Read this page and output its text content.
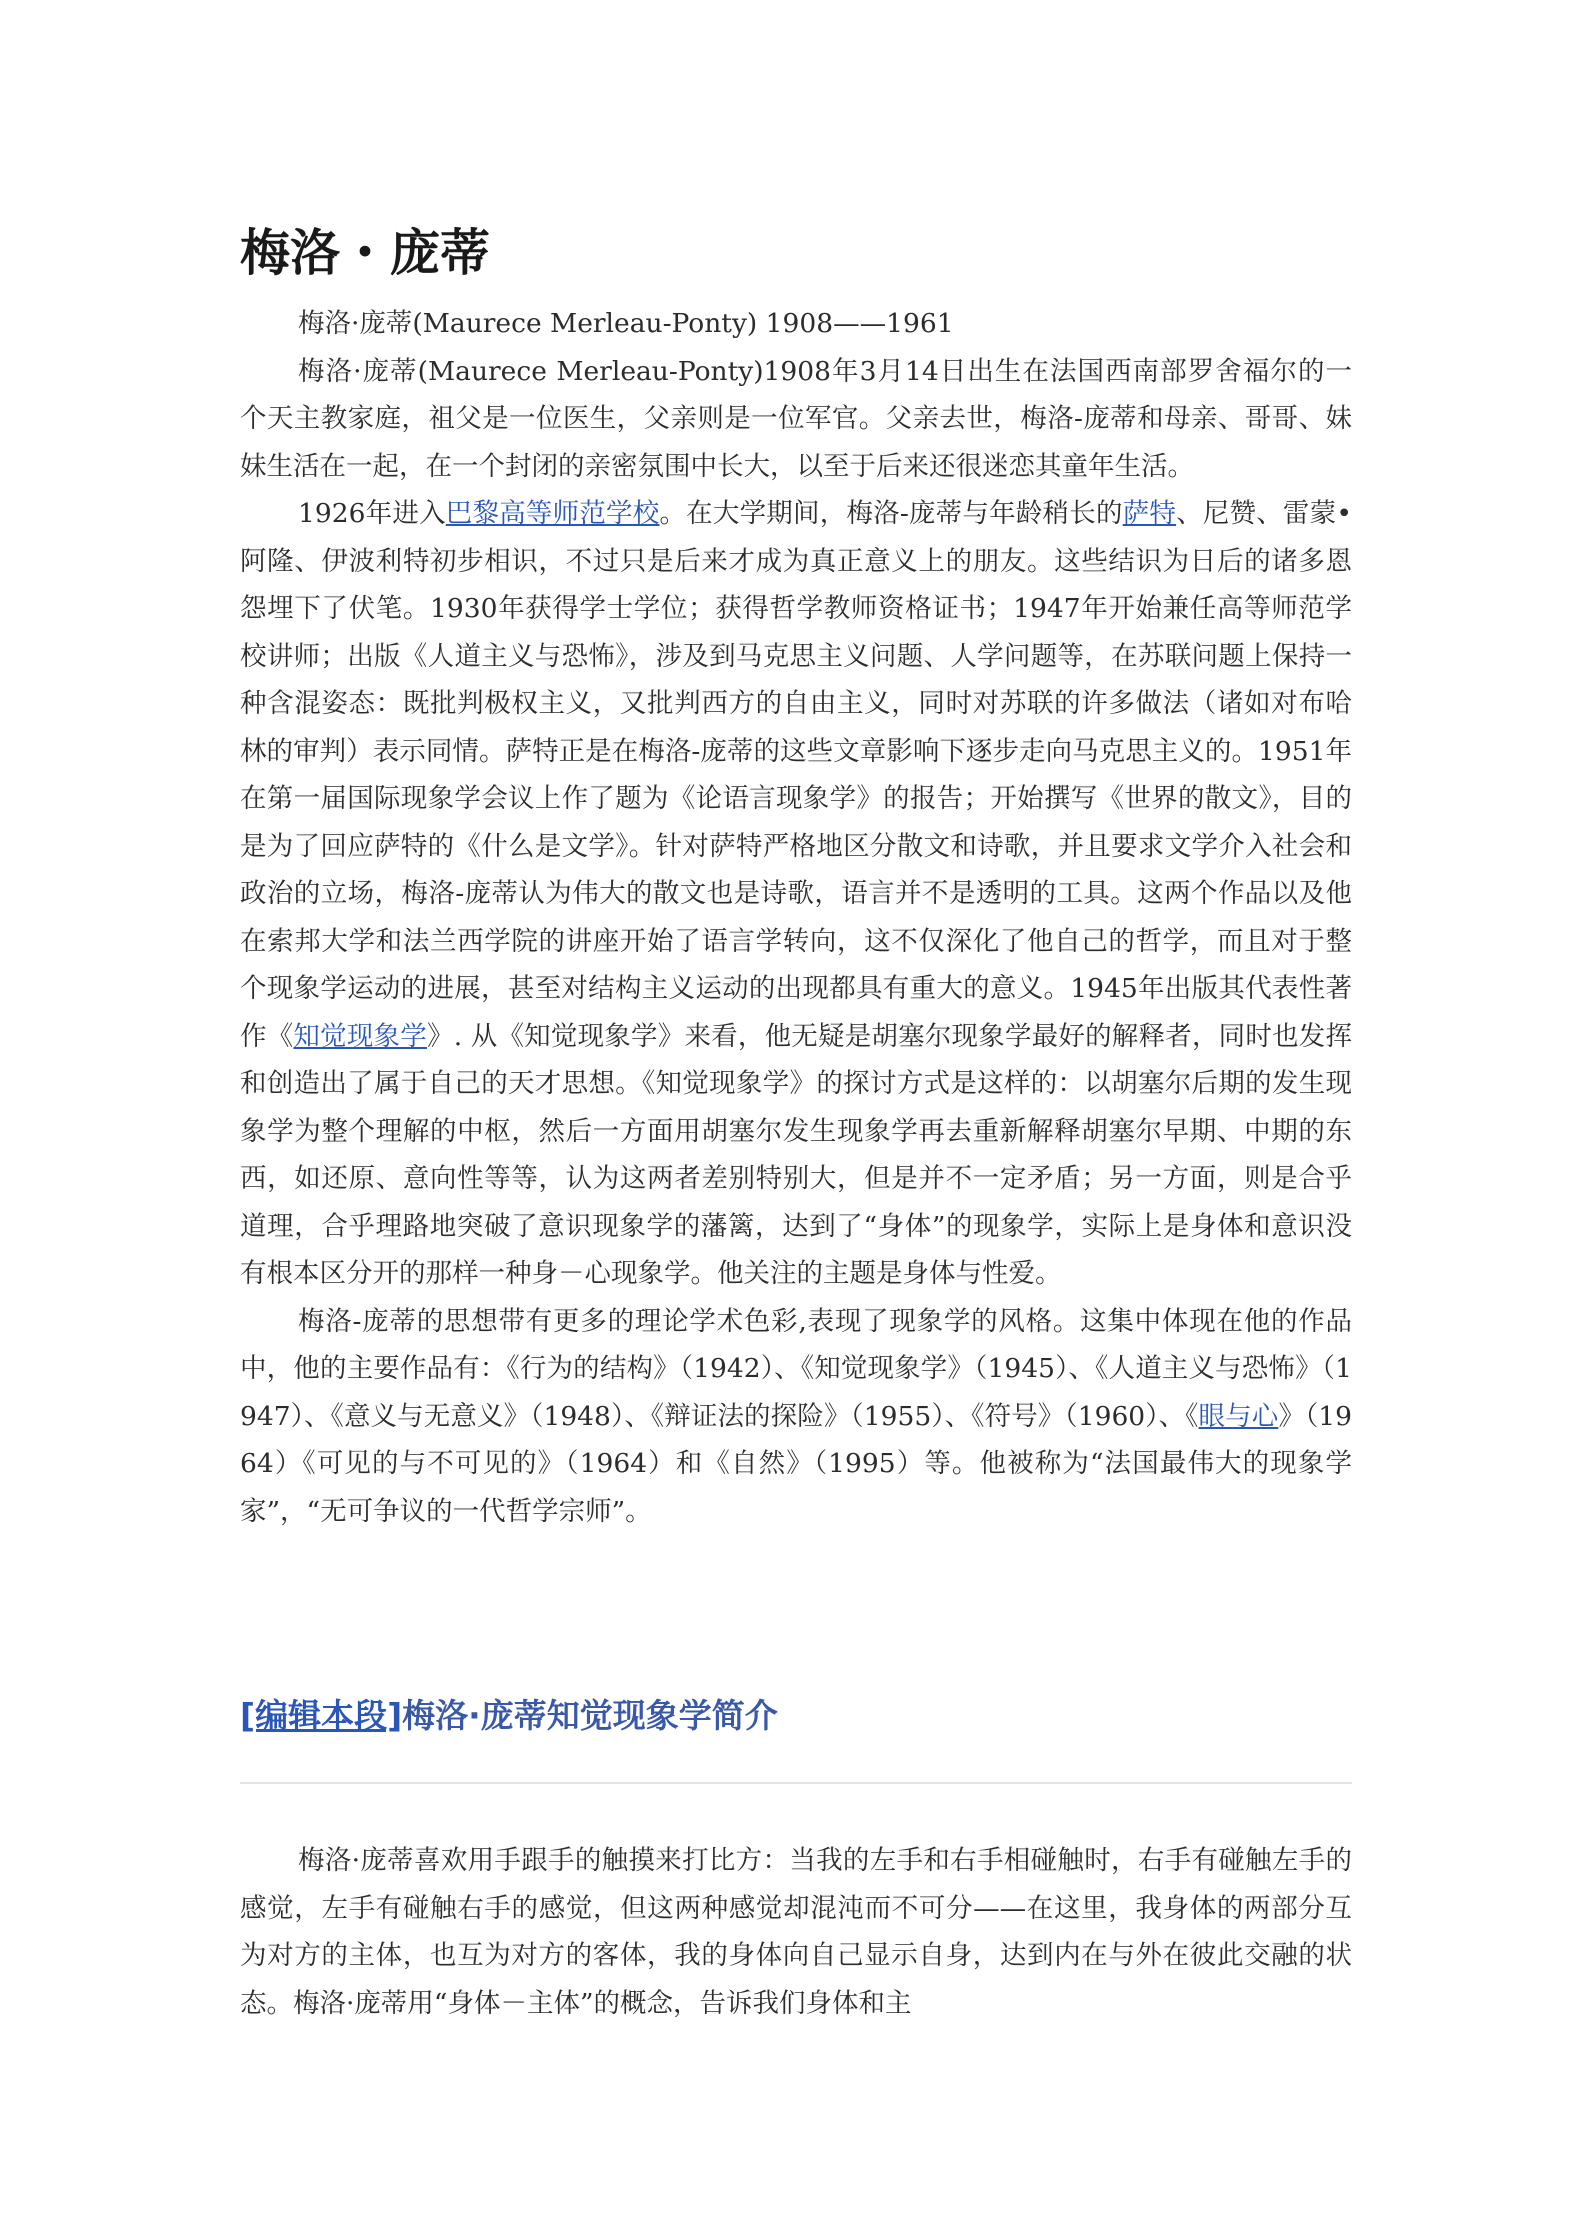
梅洛・庞蒂

梅洛·庞蒂(Maurece Merleau-Ponty) 1908——1961

梅洛·庞蒂(Maurece Merleau-Ponty)1908年3月14日出生在法国西南部罗舍福尔的一个天主教家庭，祖父是一位医生，父亲则是一位军官。父亲去世，梅洛-庞蒂和母亲、哥哥、妹妹生活在一起，在一个封闭的亲密氛围中长大，以至于后来还很迷恋其童年生活。

1926年进入巴黎高等师范学校。在大学期间，梅洛-庞蒂与年龄稍长的萨特、尼赞、雷蒙•阿隆、伊波利特初步相识，不过只是后来才成为真正意义上的朋友。这些结识为日后的诸多恩怨埋下了伏笔。1930年获得学士学位；获得哲学教师资格证书；1947年开始兼任高等师范学校讲师；出版《人道主义与恐怖》，涉及到马克思主义问题、人学问题等，在苏联问题上保持一种含混姿态：既批判极权主义，又批判西方的自由主义，同时对苏联的许多做法（诸如对布哈林的审判）表示同情。萨特正是在梅洛-庞蒂的这些文章影响下逐步走向马克思主义的。1951年在第一届国际现象学会议上作了题为《论语言现象学》的报告；开始撰写《世界的散文》，目的是为了回应萨特的《什么是文学》。针对萨特严格地区分散文和诗歌，并且要求文学介入社会和政治的立场，梅洛-庞蒂认为伟大的散文也是诗歌，语言并不是透明的工具。这两个作品以及他在索邦大学和法兰西学院的讲座开始了语言学转向，这不仅深化了他自己的哲学，而且对于整个现象学运动的进展，甚至对结构主义运动的出现都具有重大的意义。1945年出版其代表性著作《知觉现象学》. 从《知觉现象学》来看，他无疑是胡塞尔现象学最好的解释者，同时也发挥和创造出了属于自己的天才思想。《知觉现象学》的探讨方式是这样的：以胡塞尔后期的发生现象学为整个理解的中枢，然后一方面用胡塞尔发生现象学再去重新解释胡塞尔早期、中期的东西，如还原、意向性等等，认为这两者差别特别大，但是并不一定矛盾；另一方面，则是合乎道理，合乎理路地突破了意识现象学的藩篱，达到了“身体”的现象学，实际上是身体和意识没有根本区分开的那样一种身－心现象学。他关注的主题是身体与性爱。

梅洛-庞蒂的思想带有更多的理论学术色彩,表现了现象学的风格。这集中体现在他的作品中，他的主要作品有：《行为的结构》（1942）、《知觉现象学》（1945）、《人道主义与恐怖》（1947）、《意义与无意义》（1948）、《辩证法的探险》（1955）、《符号》（1960）、《眼与心》（1964）《可见的与不可见的》（1964）和《自然》（1995）等。他被称为“法国最伟大的现象学家”，“无可争议的一代哲学宗师”。

[编辑本段]梅洛·庞蒂知觉现象学简介

梅洛·庞蒂喜欢用手跟手的触摸来打比方：当我的左手和右手相碰触时，右手有碰触左手的感觉，左手有碰触右手的感觉，但这两种感觉却混沌而不可分——在这里，我身体的两部分互为对方的主体，也互为对方的客体，我的身体向自己显示自身，达到内在与外在彼此交融的状态。梅洛·庞蒂用“身体－主体”的概念，告诉我们身体和主
